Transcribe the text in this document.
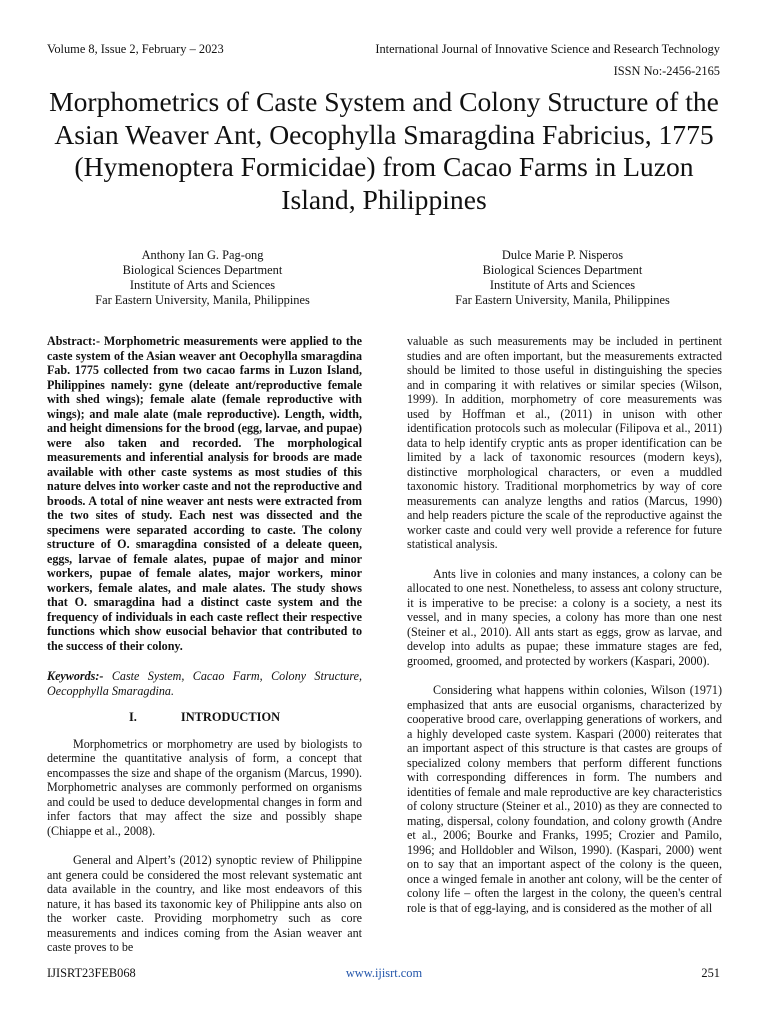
Volume 8, Issue 2, February – 2023	International Journal of Innovative Science and Research Technology
ISSN No:-2456-2165
Morphometrics of Caste System and Colony Structure of the Asian Weaver Ant, Oecophylla Smaragdina Fabricius, 1775 (Hymenoptera Formicidae) from Cacao Farms in Luzon Island, Philippines
Anthony Ian G. Pag-ong
Biological Sciences Department
Institute of Arts and Sciences
Far Eastern University, Manila, Philippines
Dulce Marie P. Nisperos
Biological Sciences Department
Institute of Arts and Sciences
Far Eastern University, Manila, Philippines

Abstract:- Morphometric measurements were applied to the caste system of the Asian weaver ant Oecophylla smaragdina Fab. 1775 collected from two cacao farms in Luzon Island, Philippines namely: gyne (deleate ant/reproductive female with shed wings); female alate (female reproductive with wings); and male alate (male reproductive). Length, width, and height dimensions for the brood (egg, larvae, and pupae) were also taken and recorded. The morphological measurements and inferential analysis for broods are made available with other caste systems as most studies of this nature delves into worker caste and not the reproductive and broods. A total of nine weaver ant nests were extracted from the two sites of study. Each nest was dissected and the specimens were separated according to caste. The colony structure of O. smaragdina consisted of a deleate queen, eggs, larvae of female alates, pupae of major and minor workers, pupae of female alates, major workers, minor workers, female alates, and male alates. The study shows that O. smaragdina had a distinct caste system and the frequency of individuals in each caste reflect their respective functions which show eusocial behavior that contributed to the success of their colony.

Keywords:- Caste System, Cacao Farm, Colony Structure, Oecopphylla Smaragdina.

I.	INTRODUCTION

Morphometrics or morphometry are used by biologists to determine the quantitative analysis of form, a concept that encompasses the size and shape of the organism (Marcus, 1990). Morphometric analyses are commonly performed on organisms and could be used to deduce developmental changes in form and infer factors that may affect the size and possibly shape (Chiappe et al., 2008).

General and Alpert’s (2012) synoptic review of Philippine ant genera could be considered the most relevant systematic ant data available in the country, and like most endeavors of this nature, it has based its taxonomic key of Philippine ants also on the worker caste. Providing morphometry such as core measurements and indices coming from the Asian weaver ant caste proves to be

valuable as such measurements may be included in pertinent studies and are often important, but the measurements extracted should be limited to those useful in distinguishing the species and in comparing it with relatives or similar species (Wilson, 1999). In addition, morphometry of core measurements was used by Hoffman et al., (2011) in unison with other identification protocols such as molecular (Filipova et al., 2011) data to help identify cryptic ants as proper identification can be limited by a lack of taxonomic resources (modern keys), distinctive morphological characters, or even a muddled taxonomic history. Traditional morphometrics by way of core measurements can analyze lengths and ratios (Marcus, 1990) and help readers picture the scale of the reproductive against the worker caste and could very well provide a reference for future statistical analysis.

Ants live in colonies and many instances, a colony can be allocated to one nest. Nonetheless, to assess ant colony structure, it is imperative to be precise: a colony is a society, a nest its vessel, and in many species, a colony has more than one nest (Steiner et al., 2010). All ants start as eggs, grow as larvae, and develop into adults as pupae; these immature stages are fed, groomed, groomed, and protected by workers (Kaspari, 2000).

Considering what happens within colonies, Wilson (1971) emphasized that ants are eusocial organisms, characterized by cooperative brood care, overlapping generations of workers, and a highly developed caste system. Kaspari (2000) reiterates that an important aspect of this structure is that castes are groups of specialized colony members that perform different functions with corresponding differences in form. The numbers and identities of female and male reproductive are key characteristics of colony structure (Steiner et al., 2010) as they are connected to mating, dispersal, colony foundation, and colony growth (Andre et al., 2006; Bourke and Franks, 1995; Crozier and Pamilo, 1996; and Holldobler and Wilson, 1990). (Kaspari, 2000) went on to say that an important aspect of the colony is the queen, once a winged female in another ant colony, will be the center of colony life – often the largest in the colony, the queen's central role is that of egg-laying, and is considered as the mother of all

IJISRT23FEB068	www.ijisrt.com	251
